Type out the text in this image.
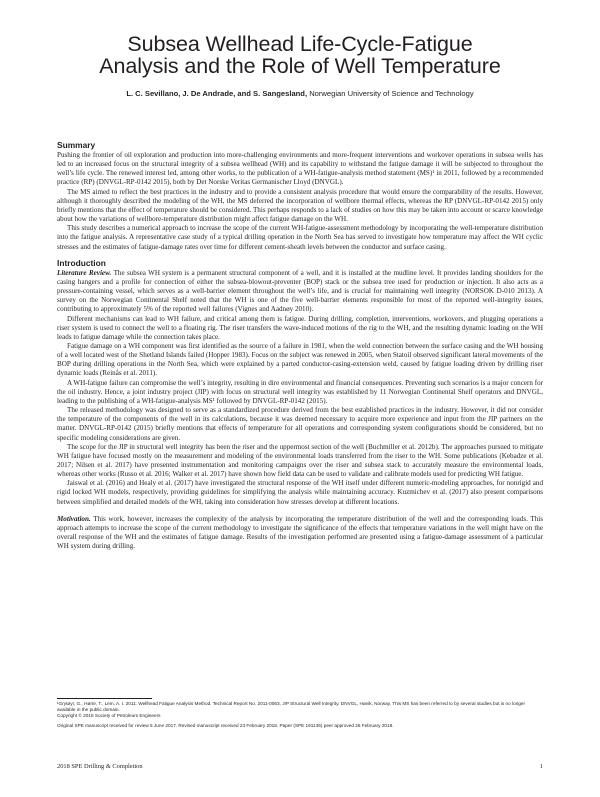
Subsea Wellhead Life-Cycle-Fatigue
Analysis and the Role of Well Temperature
L. C. Sevillano, J. De Andrade, and S. Sangesland, Norwegian University of Science and Technology
Summary

Pushing the frontier of oil exploration and production into more-challenging environments and more-frequent interventions and workover operations in subsea wells has led to an increased focus on the structural integrity of a subsea wellhead (WH) and its capability to withstand the fatigue damage it will be subjected to throughout the well’s life cycle. The renewed interest led, among other works, to the publication of a WH-fatigue-analysis method statement (MS)¹ in 2011, followed by a recommended practice (RP) (DNVGL-RP-0142 2015), both by Det Norske Veritas Germanischer Lloyd (DNVGL).

The MS aimed to reflect the best practices in the industry and to provide a consistent analysis procedure that would ensure the comparability of the results. However, although it thoroughly described the modeling of the WH, the MS deferred the incorporation of wellbore thermal effects, whereas the RP (DNVGL-RP-0142 2015) only briefly mentions that the effect of temperature should be considered. This perhaps responds to a lack of studies on how this may be taken into account or scarce knowledge about how the variations of wellbore-temperature distribution might affect fatigue damage on the WH.

This study describes a numerical approach to increase the scope of the current WH-fatigue-assessment methodology by incorporating the well-temperature distribution into the fatigue analysis. A representative case study of a typical drilling operation in the North Sea has served to investigate how temperature may affect the WH cyclic stresses and the estimates of fatigue-damage rates over time for different cement-sheath levels between the conductor and surface casing.

Introduction

Literature Review. The subsea WH system is a permanent structural component of a well, and it is installed at the mudline level. It provides landing shoulders for the casing hangers and a profile for connection of either the subsea-blowout-preventer (BOP) stack or the subsea tree used for production or injection. It also acts as a pressure-containing vessel, which serves as a well-barrier element throughout the well’s life, and is crucial for maintaining well integrity (NORSOK D-010 2013). A survey on the Norwegian Continental Shelf noted that the WH is one of the five well-barrier elements responsible for most of the reported well-integrity issues, contributing to approximately 5% of the reported well failures (Vignes and Aadnøy 2010).

Different mechanisms can lead to WH failure, and critical among them is fatigue. During drilling, completion, interventions, workovers, and plugging operations a riser system is used to connect the well to a floating rig. The riser transfers the wave-induced motions of the rig to the WH, and the resulting dynamic loading on the WH leads to fatigue damage while the connection takes place.

Fatigue damage on a WH component was first identified as the source of a failure in 1981, when the weld connection between the surface casing and the WH housing of a well located west of the Shetland Islands failed (Hopper 1983). Focus on the subject was renewed in 2005, when Statoil observed significant lateral movements of the BOP during drilling operations in the North Sea, which were explained by a parted conductor-casing-extension weld, caused by fatigue loading driven by drilling riser dynamic loads (Reinås et al. 2011).

A WH-fatigue failure can compromise the well’s integrity, resulting in dire environmental and financial consequences. Preventing such scenarios is a major concern for the oil industry. Hence, a joint industry project (JIP) with focus on structural well integrity was established by 11 Norwegian Continental Shelf operators and DNVGL, leading to the publishing of a WH-fatigue-analysis MS¹ followed by DNVGL-RP-0142 (2015).

The released methodology was designed to serve as a standardized procedure derived from the best established practices in the industry. However, it did not consider the temperature of the components of the well in its calculations, because it was deemed necessary to acquire more experience and input from the JIP partners on the matter. DNVGL-RP-0142 (2015) briefly mentions that effects of temperature for all operations and corresponding system configurations should be considered, but no specific modeling considerations are given.

The scope for the JIP in structural well integrity has been the riser and the uppermost section of the well (Buchmiller et al. 2012b). The approaches pursued to mitigate WH fatigue have focused mostly on the measurement and modeling of the environmental loads transferred from the riser to the WH. Some publications (Kebadze et al. 2017; Nilsen et al. 2017) have presented instrumentation and monitoring campaigns over the riser and subsea stack to accurately measure the environmental loads, whereas other works (Russo et al. 2016; Walker et al. 2017) have shown how field data can be used to validate and calibrate models used for predicting WH fatigue.

Jaiswal et al. (2016) and Healy et al. (2017) have investigated the structural response of the WH itself under different numeric-modeling approaches, for nonrigid and rigid locked WH models, respectively, providing guidelines for simplifying the analysis while maintaining accuracy. Kuzmichev et al. (2017) also present comparisons between simplified and detailed models of the WH, taking into consideration how stresses develop at different locations.

Motivation. This work, however, increases the complexity of the analysis by incorporating the temperature distribution of the well and the corresponding loads. This approach attempts to increase the scope of the current methodology to investigate the significance of the effects that temperature variations in the well might have on the overall response of the WH and the estimates of fatigue damage. Results of the investigation performed are presented using a fatigue-damage assessment of a particular WH system during drilling.

¹Grytøyr, G., Hørte, T., Lem, A. I. 2011. Wellhead Fatigue Analysis Method. Technical Report No. 2011-0063, JIP Structural Well Integrity. DNVGL, Høvik, Norway. This MS has been referred to by several studies but is no longer available in the public domain.
Copyright © 2018 Society of Petroleum Engineers
Original SPE manuscript received for review 5 June 2017. Revised manuscript received 23 February 2018. Paper (SPE 191136) peer approved 26 February 2018.
2018 SPE Drilling & Completion	1
